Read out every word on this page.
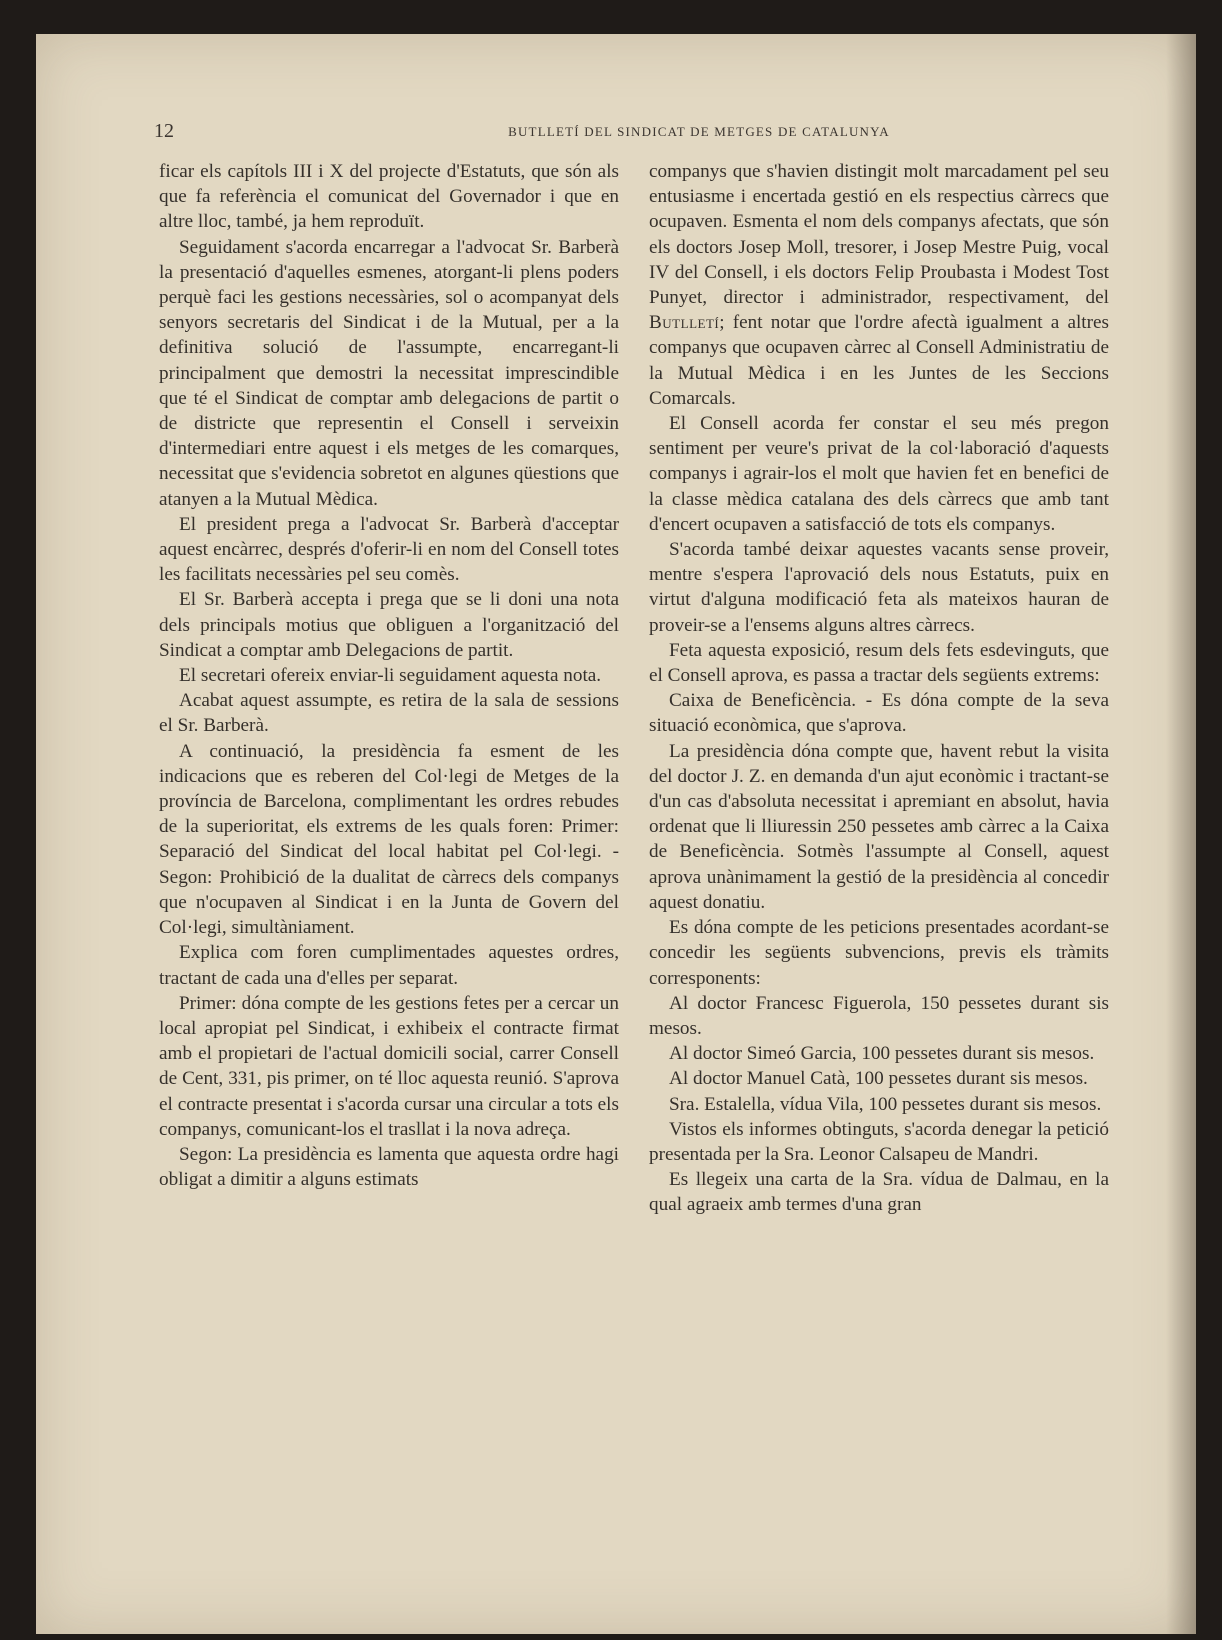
12	BUTLLETÍ DEL SINDICAT DE METGES DE CATALUNYA

ficar els capítols III i X del projecte d'Estatuts, que són als que fa referència el comunicat del Governador i que en altre lloc, també, ja hem reproduït.

Seguidament s'acorda encarregar a l'advocat Sr. Barberà la presentació d'aquelles esmenes, atorgant-li plens poders perquè faci les gestions necessàries, sol o acompanyat dels senyors secretaris del Sindicat i de la Mutual, per a la definitiva solució de l'assumpte, encarregant-li principalment que demostri la necessitat imprescindible que té el Sindicat de comptar amb delegacions de partit o de districte que representin el Consell i serveixin d'intermediari entre aquest i els metges de les comarques, necessitat que s'evidencia sobretot en algunes qüestions que atanyen a la Mutual Mèdica.

El president prega a l'advocat Sr. Barberà d'acceptar aquest encàrrec, després d'oferir-li en nom del Consell totes les facilitats necessàries pel seu comès.

El Sr. Barberà accepta i prega que se li doni una nota dels principals motius que obliguen a l'organització del Sindicat a comptar amb Delegacions de partit.

El secretari ofereix enviar-li seguidament aquesta nota.

Acabat aquest assumpte, es retira de la sala de sessions el Sr. Barberà.

A continuació, la presidència fa esment de les indicacions que es reberen del Col·legi de Metges de la província de Barcelona, complimentant les ordres rebudes de la superioritat, els extrems de les quals foren: Primer: Separació del Sindicat del local habitat pel Col·legi. - Segon: Prohibició de la dualitat de càrrecs dels companys que n'ocupaven al Sindicat i en la Junta de Govern del Col·legi, simultàniament.

Explica com foren cumplimentades aquestes ordres, tractant de cada una d'elles per separat.

Primer: dóna compte de les gestions fetes per a cercar un local apropiat pel Sindicat, i exhibeix el contracte firmat amb el propietari de l'actual domicili social, carrer Consell de Cent, 331, pis primer, on té lloc aquesta reunió. S'aprova el contracte presentat i s'acorda cursar una circular a tots els companys, comunicant-los el trasllat i la nova adreça.

Segon: La presidència es lamenta que aquesta ordre hagi obligat a dimitir a alguns estimats

companys que s'havien distingit molt marcadament pel seu entusiasme i encertada gestió en els respectius càrrecs que ocupaven. Esmenta el nom dels companys afectats, que són els doctors Josep Moll, tresorer, i Josep Mestre Puig, vocal IV del Consell, i els doctors Felip Proubasta i Modest Tost Punyet, director i administrador, respectivament, del Butlletí; fent notar que l'ordre afectà igualment a altres companys que ocupaven càrrec al Consell Administratiu de la Mutual Mèdica i en les Juntes de les Seccions Comarcals.

El Consell acorda fer constar el seu més pregon sentiment per veure's privat de la col·laboració d'aquests companys i agrair-los el molt que havien fet en benefici de la classe mèdica catalana des dels càrrecs que amb tant d'encert ocupaven a satisfacció de tots els companys.

S'acorda també deixar aquestes vacants sense proveir, mentre s'espera l'aprovació dels nous Estatuts, puix en virtut d'alguna modificació feta als mateixos hauran de proveir-se a l'ensems alguns altres càrrecs.

Feta aquesta exposició, resum dels fets esdevinguts, que el Consell aprova, es passa a tractar dels següents extrems:

Caixa de Beneficència. - Es dóna compte de la seva situació econòmica, que s'aprova.

La presidència dóna compte que, havent rebut la visita del doctor J. Z. en demanda d'un ajut econòmic i tractant-se d'un cas d'absoluta necessitat i apremiant en absolut, havia ordenat que li lliuressin 250 pessetes amb càrrec a la Caixa de Beneficència. Sotmès l'assumpte al Consell, aquest aprova unànimament la gestió de la presidència al concedir aquest donatiu.

Es dóna compte de les peticions presentades acordant-se concedir les següents subvencions, previs els tràmits corresponents:

Al doctor Francesc Figuerola, 150 pessetes durant sis mesos.

Al doctor Simeó Garcia, 100 pessetes durant sis mesos.

Al doctor Manuel Catà, 100 pessetes durant sis mesos.

Sra. Estalella, vídua Vila, 100 pessetes durant sis mesos.

Vistos els informes obtinguts, s'acorda denegar la petició presentada per la Sra. Leonor Calsapeu de Mandri.

Es llegeix una carta de la Sra. vídua de Dalmau, en la qual agraeix amb termes d'una gran
